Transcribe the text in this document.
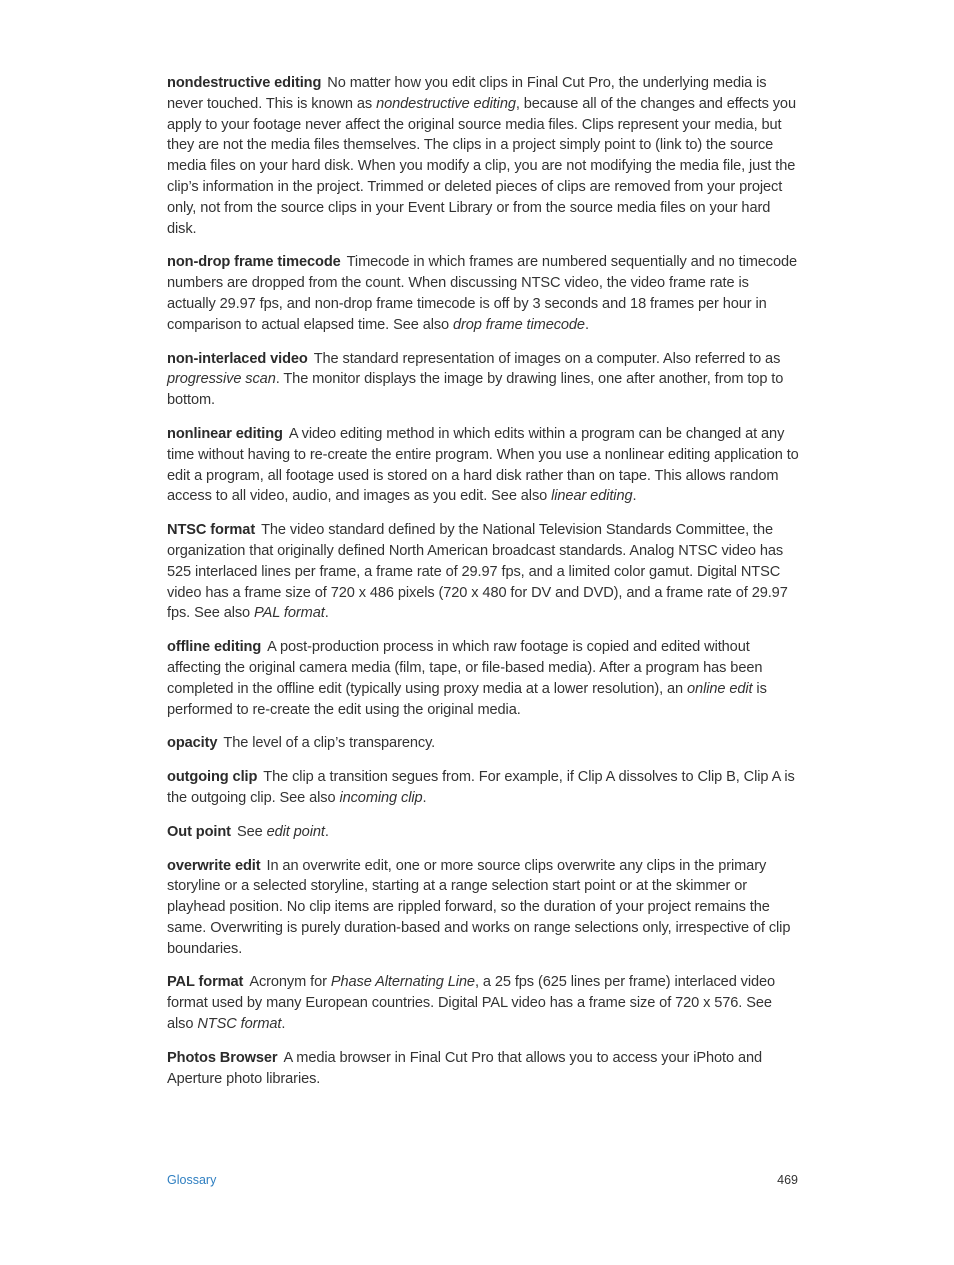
nondestructive editing No matter how you edit clips in Final Cut Pro, the underlying media is never touched. This is known as nondestructive editing, because all of the changes and effects you apply to your footage never affect the original source media files. Clips represent your media, but they are not the media files themselves. The clips in a project simply point to (link to) the source media files on your hard disk. When you modify a clip, you are not modifying the media file, just the clip’s information in the project. Trimmed or deleted pieces of clips are removed from your project only, not from the source clips in your Event Library or from the source media files on your hard disk.

non-drop frame timecode Timecode in which frames are numbered sequentially and no timecode numbers are dropped from the count. When discussing NTSC video, the video frame rate is actually 29.97 fps, and non-drop frame timecode is off by 3 seconds and 18 frames per hour in comparison to actual elapsed time. See also drop frame timecode.

non-interlaced video The standard representation of images on a computer. Also referred to as progressive scan. The monitor displays the image by drawing lines, one after another, from top to bottom.

nonlinear editing A video editing method in which edits within a program can be changed at any time without having to re-create the entire program. When you use a nonlinear editing application to edit a program, all footage used is stored on a hard disk rather than on tape. This allows random access to all video, audio, and images as you edit. See also linear editing.

NTSC format The video standard defined by the National Television Standards Committee, the organization that originally defined North American broadcast standards. Analog NTSC video has 525 interlaced lines per frame, a frame rate of 29.97 fps, and a limited color gamut. Digital NTSC video has a frame size of 720 x 486 pixels (720 x 480 for DV and DVD), and a frame rate of 29.97 fps. See also PAL format.

offline editing A post-production process in which raw footage is copied and edited without affecting the original camera media (film, tape, or file-based media). After a program has been completed in the offline edit (typically using proxy media at a lower resolution), an online edit is performed to re-create the edit using the original media.

opacity The level of a clip’s transparency.

outgoing clip The clip a transition segues from. For example, if Clip A dissolves to Clip B, Clip A is the outgoing clip. See also incoming clip.

Out point See edit point.

overwrite edit In an overwrite edit, one or more source clips overwrite any clips in the primary storyline or a selected storyline, starting at a range selection start point or at the skimmer or playhead position. No clip items are rippled forward, so the duration of your project remains the same. Overwriting is purely duration-based and works on range selections only, irrespective of clip boundaries.

PAL format Acronym for Phase Alternating Line, a 25 fps (625 lines per frame) interlaced video format used by many European countries. Digital PAL video has a frame size of 720 x 576. See also NTSC format.

Photos Browser A media browser in Final Cut Pro that allows you to access your iPhoto and Aperture photo libraries.

Glossary	469
